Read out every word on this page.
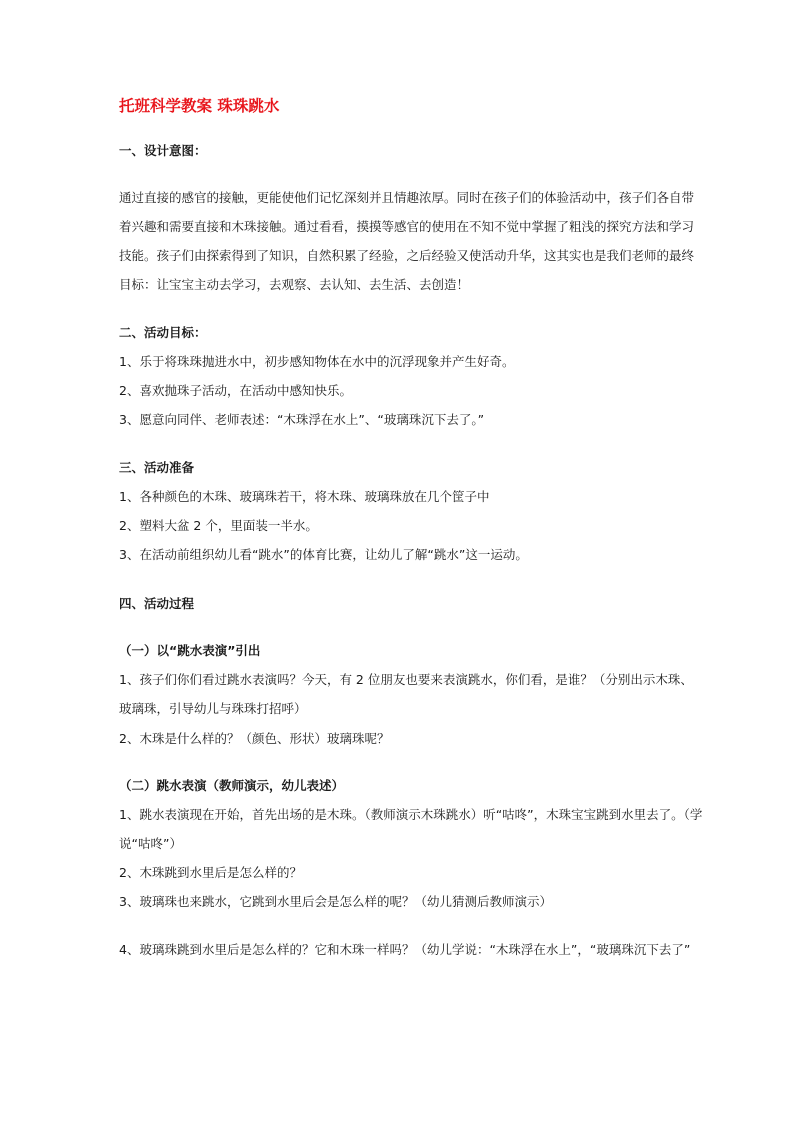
托班科学教案 珠珠跳水
一、设计意图：
通过直接的感官的接触，更能使他们记忆深刻并且情趣浓厚。同时在孩子们的体验活动中，孩子们各自带
着兴趣和需要直接和木珠接触。通过看看，摸摸等感官的使用在不知不觉中掌握了粗浅的探究方法和学习
技能。孩子们由探索得到了知识，自然积累了经验，之后经验又使活动升华，这其实也是我们老师的最终
目标：让宝宝主动去学习，去观察、去认知、去生活、去创造！
二、活动目标：
1、乐于将珠珠抛进水中，初步感知物体在水中的沉浮现象并产生好奇。
2、喜欢抛珠子活动，在活动中感知快乐。
3、愿意向同伴、老师表述：“木珠浮在水上”、“玻璃珠沉下去了。”
三、活动准备
1、各种颜色的木珠、玻璃珠若干，将木珠、玻璃珠放在几个筐子中
2、塑料大盆 2 个，里面装一半水。
3、在活动前组织幼儿看“跳水”的体育比赛，让幼儿了解“跳水”这一运动。
四、活动过程
（一）以“跳水表演”引出
1、孩子们你们看过跳水表演吗？今天，有 2 位朋友也要来表演跳水，你们看，是谁？（分别出示木珠、
玻璃珠，引导幼儿与珠珠打招呼）
2、木珠是什么样的？（颜色、形状）玻璃珠呢？
（二）跳水表演（教师演示，幼儿表述）
1、跳水表演现在开始，首先出场的是木珠。（教师演示木珠跳水）听“咕咚”，木珠宝宝跳到水里去了。（学
说“咕咚”）
2、木珠跳到水里后是怎么样的？
3、玻璃珠也来跳水，它跳到水里后会是怎么样的呢？（幼儿猜测后教师演示）
4、玻璃珠跳到水里后是怎么样的？它和木珠一样吗？（幼儿学说：“木珠浮在水上”，“玻璃珠沉下去了”
